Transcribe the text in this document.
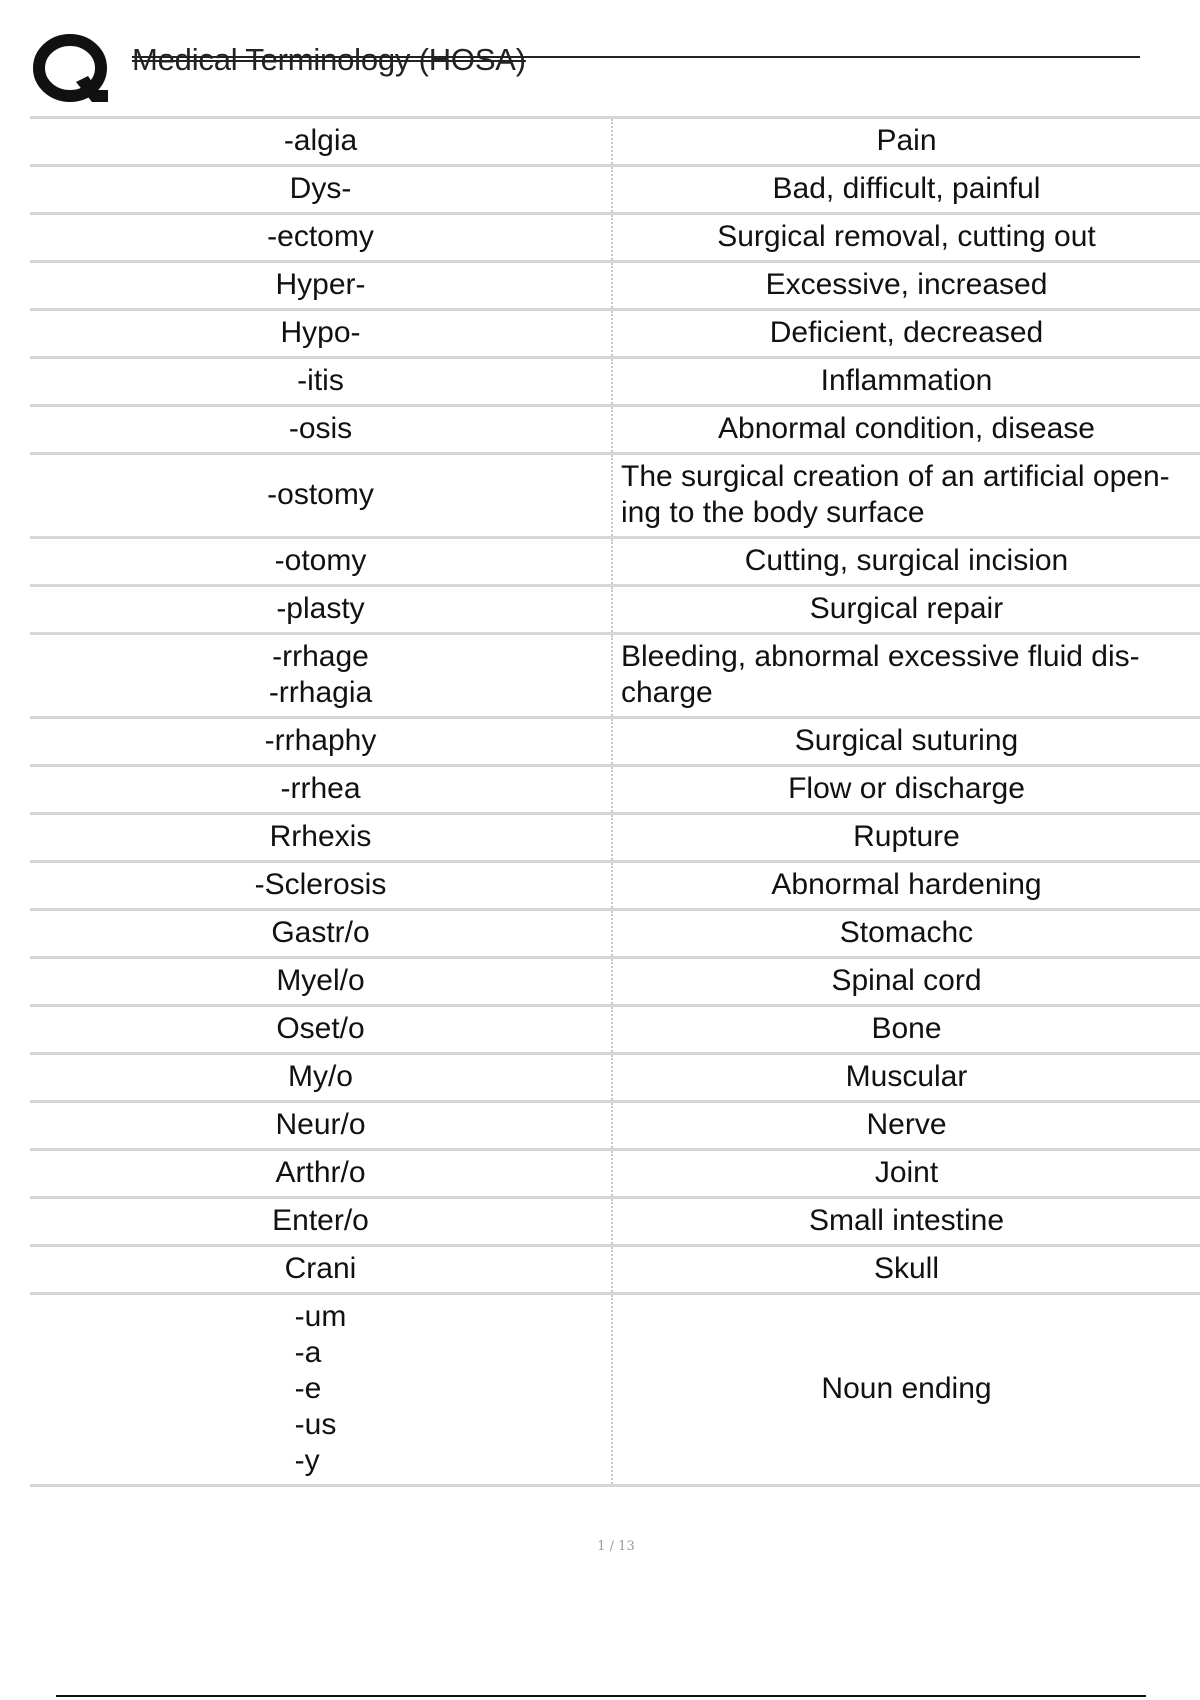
Medical Terminology (HOSA)
-algia	Pain

Dys-	Bad, difficult, painful

-ectomy	Surgical removal, cutting out

Hyper-	Excessive, increased

Hypo-	Deficient, decreased

-itis	Inflammation

-osis	Abnormal condition, disease

-ostomy	The surgical creation of an artificial open-
ing to the body surface

-otomy	Cutting, surgical incision

-plasty	Surgical repair

-rrhage
-rrhagia	Bleeding, abnormal excessive fluid dis-
charge

-rrhaphy	Surgical suturing

-rrhea	Flow or discharge

Rrhexis	Rupture

-Sclerosis	Abnormal hardening

Gastr/o	Stomachc

Myel/o	Spinal cord

Oset/o	Bone

My/o	Muscular

Neur/o	Nerve

Arthr/o	Joint

Enter/o	Small intestine

Crani	Skull

-um
-a
-e
-us
-y	Noun ending
1 / 13
